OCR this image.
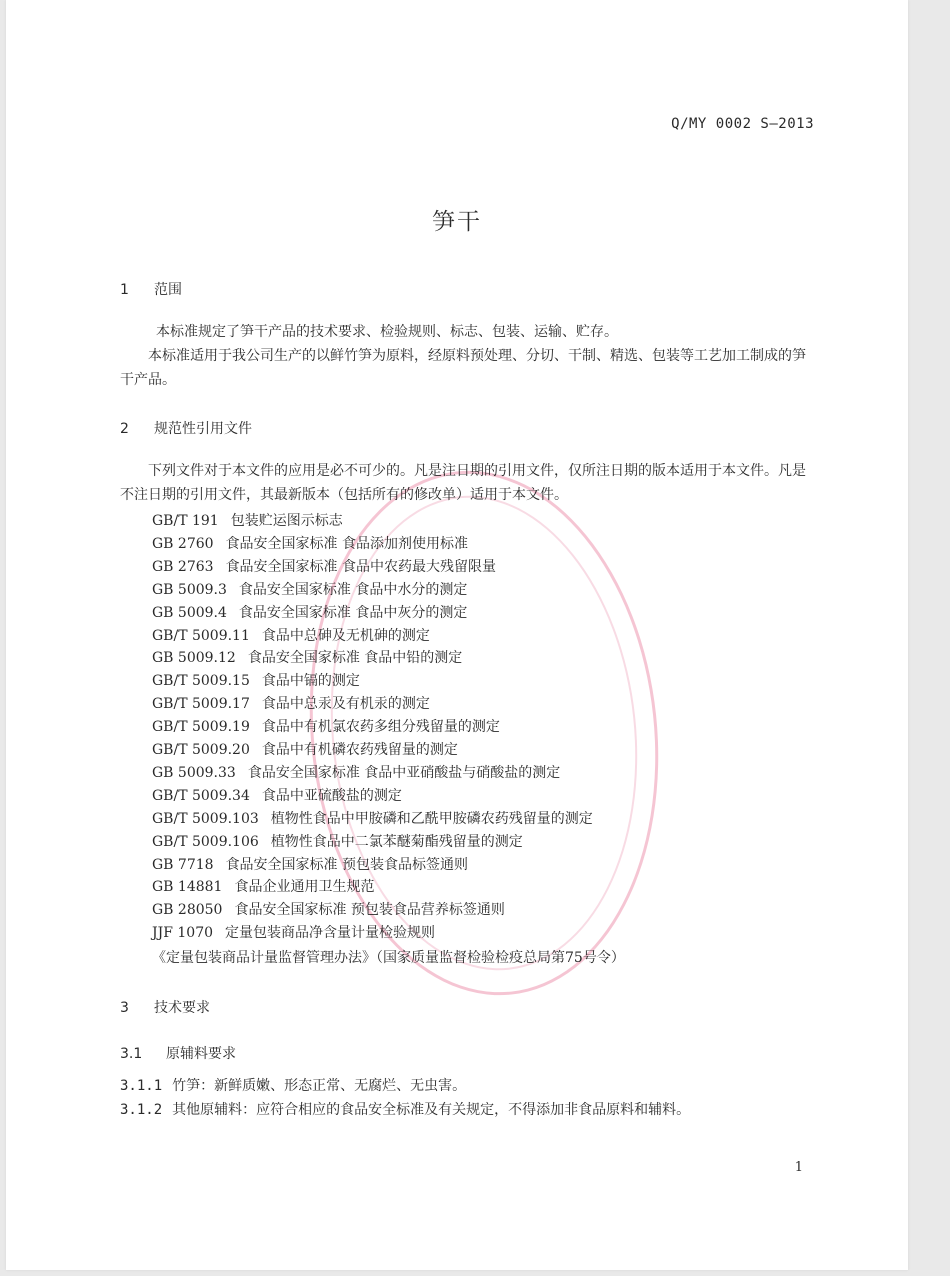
Q/MY 0002 S—2013
笋干
1 范围
本标准规定了笋干产品的技术要求、检验规则、标志、包装、运输、贮存。
本标准适用于我公司生产的以鲜竹笋为原料，经原料预处理、分切、干制、精选、包装等工艺加工制成的笋干产品。
2 规范性引用文件
下列文件对于本文件的应用是必不可少的。凡是注日期的引用文件，仅所注日期的版本适用于本文件。凡是不注日期的引用文件，其最新版本（包括所有的修改单）适用于本文件。
GB/T 191 包装贮运图示标志
GB 2760 食品安全国家标准 食品添加剂使用标准
GB 2763 食品安全国家标准 食品中农药最大残留限量
GB 5009.3 食品安全国家标准 食品中水分的测定
GB 5009.4 食品安全国家标准 食品中灰分的测定
GB/T 5009.11 食品中总砷及无机砷的测定
GB 5009.12 食品安全国家标准 食品中铅的测定
GB/T 5009.15 食品中镉的测定
GB/T 5009.17 食品中总汞及有机汞的测定
GB/T 5009.19 食品中有机氯农药多组分残留量的测定
GB/T 5009.20 食品中有机磷农药残留量的测定
GB 5009.33 食品安全国家标准 食品中亚硝酸盐与硝酸盐的测定
GB/T 5009.34 食品中亚硫酸盐的测定
GB/T 5009.103 植物性食品中甲胺磷和乙酰甲胺磷农药残留量的测定
GB/T 5009.106 植物性食品中二氯苯醚菊酯残留量的测定
GB 7718 食品安全国家标准 预包装食品标签通则
GB 14881 食品企业通用卫生规范
GB 28050 食品安全国家标准 预包装食品营养标签通则
JJF 1070 定量包装商品净含量计量检验规则
《定量包装商品计量监督管理办法》（国家质量监督检验检疫总局第75号令）
3 技术要求
3.1 原辅料要求
3.1.1 竹笋：新鲜质嫩、形态正常、无腐烂、无虫害。
3.1.2 其他原辅料：应符合相应的食品安全标准及有关规定，不得添加非食品原料和辅料。
1
